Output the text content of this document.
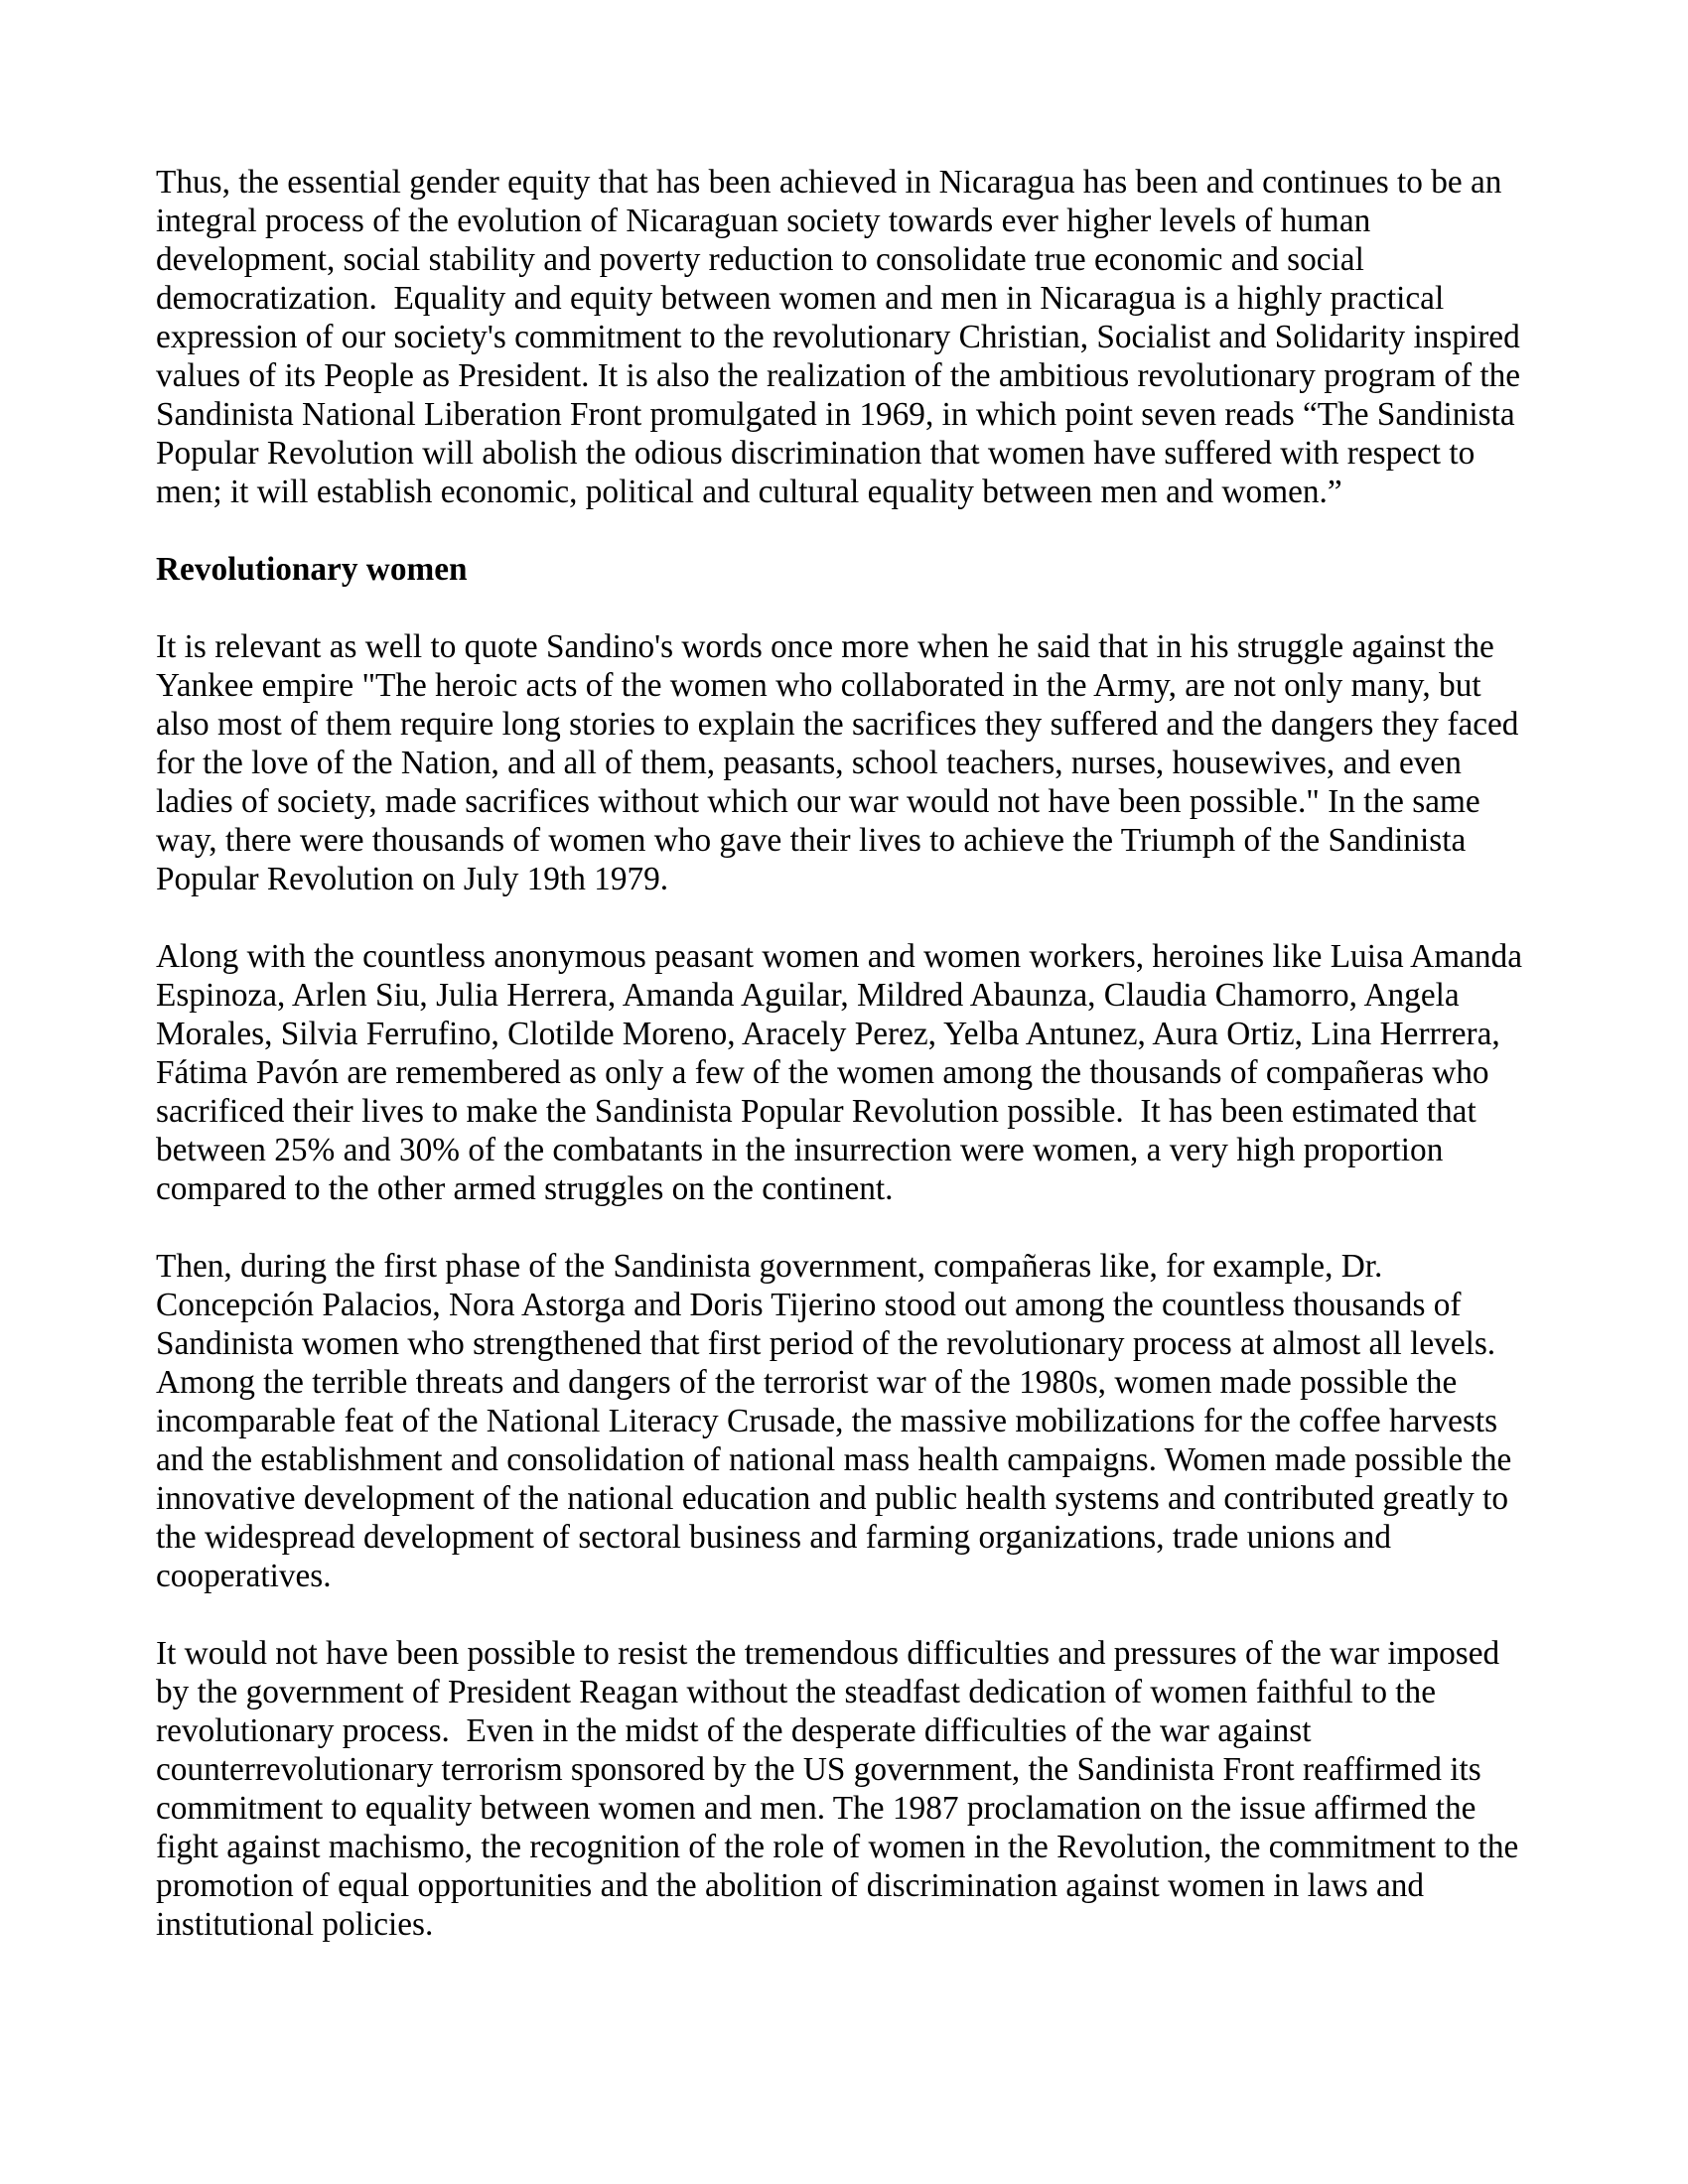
Thus, the essential gender equity that has been achieved in Nicaragua has been and continues to be an integral process of the evolution of Nicaraguan society towards ever higher levels of human development, social stability and poverty reduction to consolidate true economic and social democratization.  Equality and equity between women and men in Nicaragua is a highly practical expression of our society's commitment to the revolutionary Christian, Socialist and Solidarity inspired values of its People as President. It is also the realization of the ambitious revolutionary program of the Sandinista National Liberation Front promulgated in 1969, in which point seven reads “The Sandinista Popular Revolution will abolish the odious discrimination that women have suffered with respect to men; it will establish economic, political and cultural equality between men and women.”

Revolutionary women

It is relevant as well to quote Sandino's words once more when he said that in his struggle against the Yankee empire "The heroic acts of the women who collaborated in the Army, are not only many, but also most of them require long stories to explain the sacrifices they suffered and the dangers they faced for the love of the Nation, and all of them, peasants, school teachers, nurses, housewives, and even ladies of society, made sacrifices without which our war would not have been possible." In the same way, there were thousands of women who gave their lives to achieve the Triumph of the Sandinista Popular Revolution on July 19th 1979.

Along with the countless anonymous peasant women and women workers, heroines like Luisa Amanda Espinoza, Arlen Siu, Julia Herrera, Amanda Aguilar, Mildred Abaunza, Claudia Chamorro, Angela Morales, Silvia Ferrufino, Clotilde Moreno, Aracely Perez, Yelba Antunez, Aura Ortiz, Lina Herrrera, Fátima Pavón are remembered as only a few of the women among the thousands of compañeras who sacrificed their lives to make the Sandinista Popular Revolution possible.  It has been estimated that between 25% and 30% of the combatants in the insurrection were women, a very high proportion compared to the other armed struggles on the continent.

Then, during the first phase of the Sandinista government, compañeras like, for example, Dr. Concepción Palacios, Nora Astorga and Doris Tijerino stood out among the countless thousands of Sandinista women who strengthened that first period of the revolutionary process at almost all levels. Among the terrible threats and dangers of the terrorist war of the 1980s, women made possible the incomparable feat of the National Literacy Crusade, the massive mobilizations for the coffee harvests and the establishment and consolidation of national mass health campaigns. Women made possible the innovative development of the national education and public health systems and contributed greatly to the widespread development of sectoral business and farming organizations, trade unions and cooperatives.

It would not have been possible to resist the tremendous difficulties and pressures of the war imposed by the government of President Reagan without the steadfast dedication of women faithful to the revolutionary process.  Even in the midst of the desperate difficulties of the war against counterrevolutionary terrorism sponsored by the US government, the Sandinista Front reaffirmed its commitment to equality between women and men. The 1987 proclamation on the issue affirmed the fight against machismo, the recognition of the role of women in the Revolution, the commitment to the promotion of equal opportunities and the abolition of discrimination against women in laws and institutional policies.
